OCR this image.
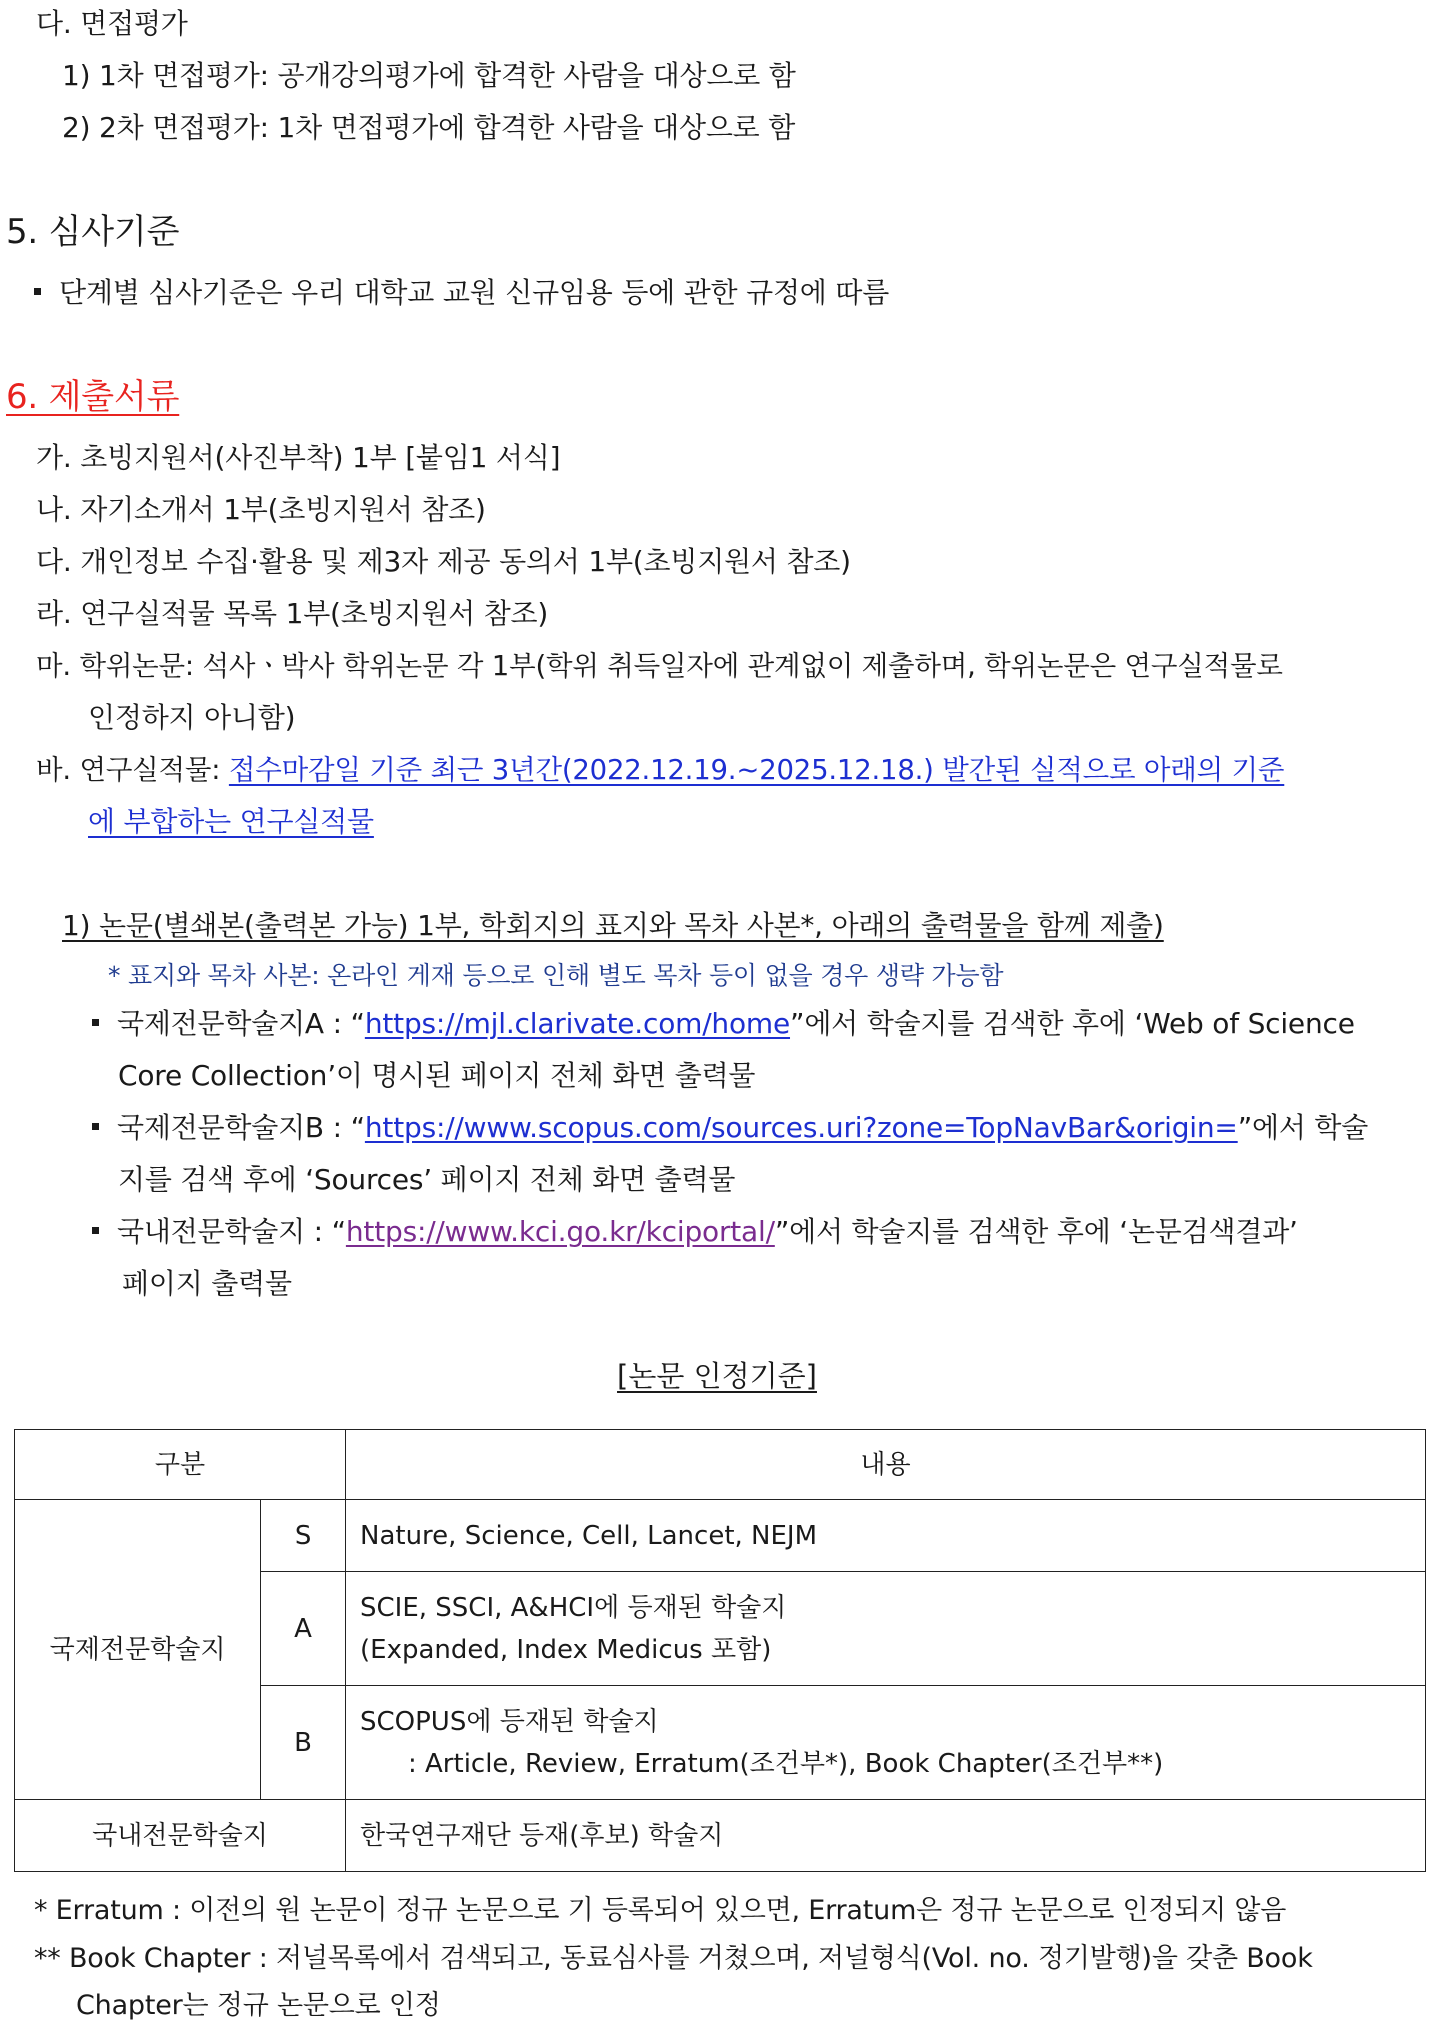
다. 면접평가
1) 1차 면접평가: 공개강의평가에 합격한 사람을 대상으로 함
2) 2차 면접평가: 1차 면접평가에 합격한 사람을 대상으로 함
5. 심사기준
단계별 심사기준은 우리 대학교 교원 신규임용 등에 관한 규정에 따름
6. 제출서류
가. 초빙지원서(사진부착) 1부 [붙임1 서식]
나. 자기소개서 1부(초빙지원서 참조)
다. 개인정보 수집·활용 및 제3자 제공 동의서 1부(초빙지원서 참조)
라. 연구실적물 목록 1부(초빙지원서 참조)
마. 학위논문: 석사ㆍ박사 학위논문 각 1부(학위 취득일자에 관계없이 제출하며, 학위논문은 연구실적물로
인정하지 아니함)
바. 연구실적물: 접수마감일 기준 최근 3년간(2022.12.19.~2025.12.18.) 발간된 실적으로 아래의 기준
에 부합하는 연구실적물
1) 논문(별쇄본(출력본 가능) 1부, 학회지의 표지와 목차 사본*, 아래의 출력물을 함께 제출)
* 표지와 목차 사본: 온라인 게재 등으로 인해 별도 목차 등이 없을 경우 생략 가능함
국제전문학술지A : “https://mjl.clarivate.com/home”에서 학술지를 검색한 후에 ‘Web of Science
Core Collection’이 명시된 페이지 전체 화면 출력물
국제전문학술지B : “https://www.scopus.com/sources.uri?zone=TopNavBar&origin=”에서 학술
지를 검색 후에 ‘Sources’ 페이지 전체 화면 출력물
국내전문학술지 : “https://www.kci.go.kr/kciportal/”에서 학술지를 검색한 후에 ‘논문검색결과’
페이지 출력물
[논문 인정기준]
구분		내용
국제전문학술지	S	Nature, Science, Cell, Lancet, NEJM
	A	SCIE, SSCI, A&HCI에 등재된 학술지
(Expanded, Index Medicus 포함)

	B	SCOPUS에 등재된 학술지
: Article, Review, Erratum(조건부*), Book Chapter(조건부**)

국내전문학술지		한국연구재단 등재(후보) 학술지
* Erratum : 이전의 원 논문이 정규 논문으로 기 등록되어 있으면, Erratum은 정규 논문으로 인정되지 않음
** Book Chapter : 저널목록에서 검색되고, 동료심사를 거쳤으며, 저널형식(Vol. no. 정기발행)을 갖춘 Book
Chapter는 정규 논문으로 인정
